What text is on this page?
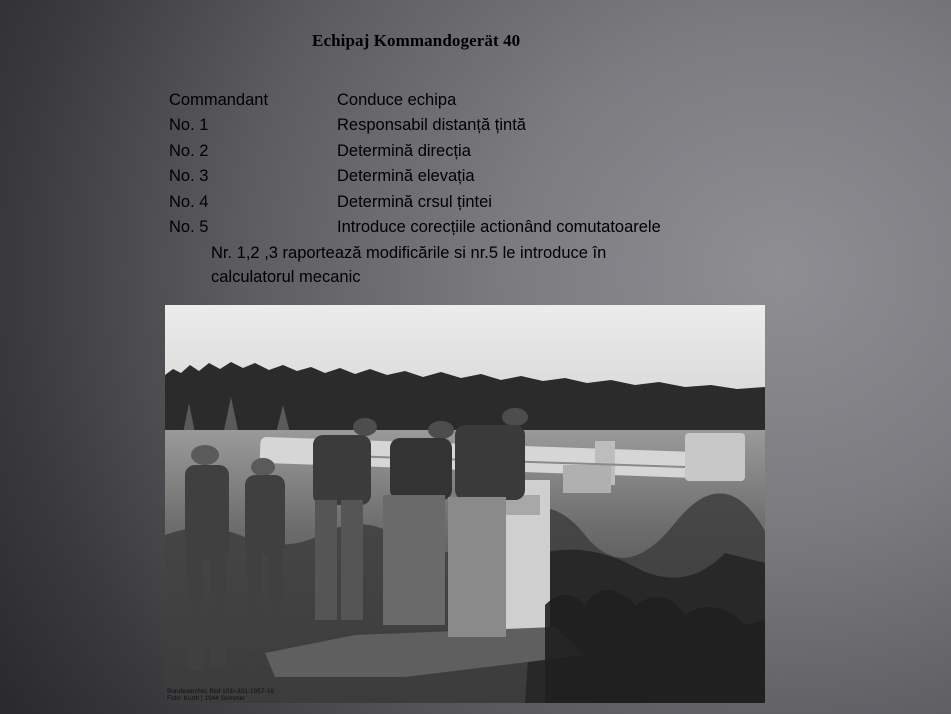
Echipaj Kommandogerät 40
Commandant	Conduce echipa
No. 1	Responsabil distanță țintă
No. 2	Determină direcția
No. 3	Determină elevația
No. 4	Determină crsul țintei
No. 5	Introduce corecțiile actionând comutatoarele
Nr. 1,2 ,3 raportează modificările si nr.5 le introduce în
calculatorul mecanic
Bundesarchiv, Bild 101I-301-1957-16
Foto: Kurth | 1944 Sommer
